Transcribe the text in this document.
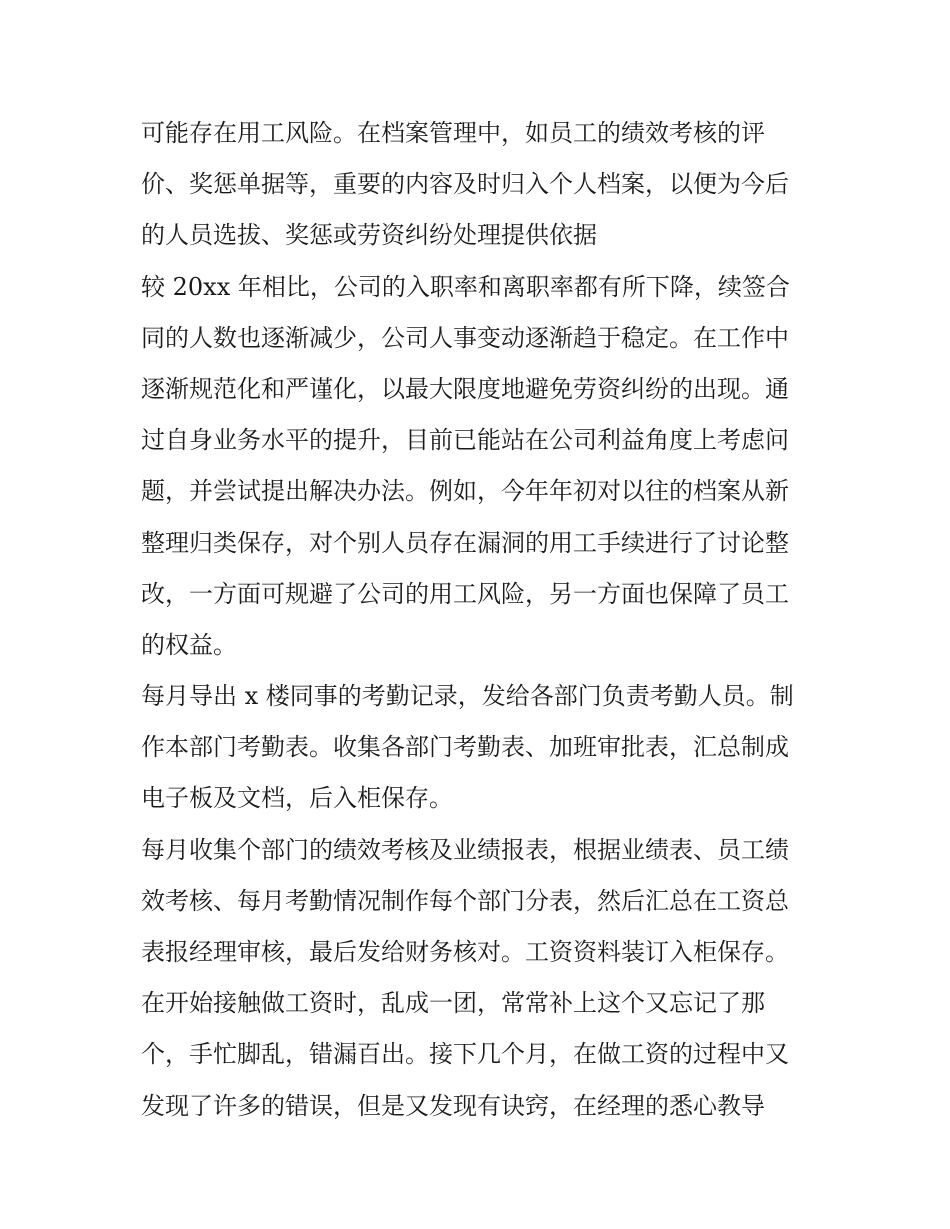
可能存在用工风险。在档案管理中，如员工的绩效考核的评
价、奖惩单据等，重要的内容及时归入个人档案，以便为今后
的人员选拔、奖惩或劳资纠纷处理提供依据
较 20xx 年相比，公司的入职率和离职率都有所下降，续签合
同的人数也逐渐减少，公司人事变动逐渐趋于稳定。在工作中
逐渐规范化和严谨化，以最大限度地避免劳资纠纷的出现。通
过自身业务水平的提升，目前已能站在公司利益角度上考虑问
题，并尝试提出解决办法。例如，今年年初对以往的档案从新
整理归类保存，对个别人员存在漏洞的用工手续进行了讨论整
改，一方面可规避了公司的用工风险，另一方面也保障了员工
的权益。
每月导出 x 楼同事的考勤记录，发给各部门负责考勤人员。制
作本部门考勤表。收集各部门考勤表、加班审批表，汇总制成
电子板及文档，后入柜保存。
每月收集个部门的绩效考核及业绩报表，根据业绩表、员工绩
效考核、每月考勤情况制作每个部门分表，然后汇总在工资总
表报经理审核，最后发给财务核对。工资资料装订入柜保存。
在开始接触做工资时，乱成一团，常常补上这个又忘记了那
个，手忙脚乱，错漏百出。接下几个月，在做工资的过程中又
发现了许多的错误，但是又发现有诀窍，在经理的悉心教导
